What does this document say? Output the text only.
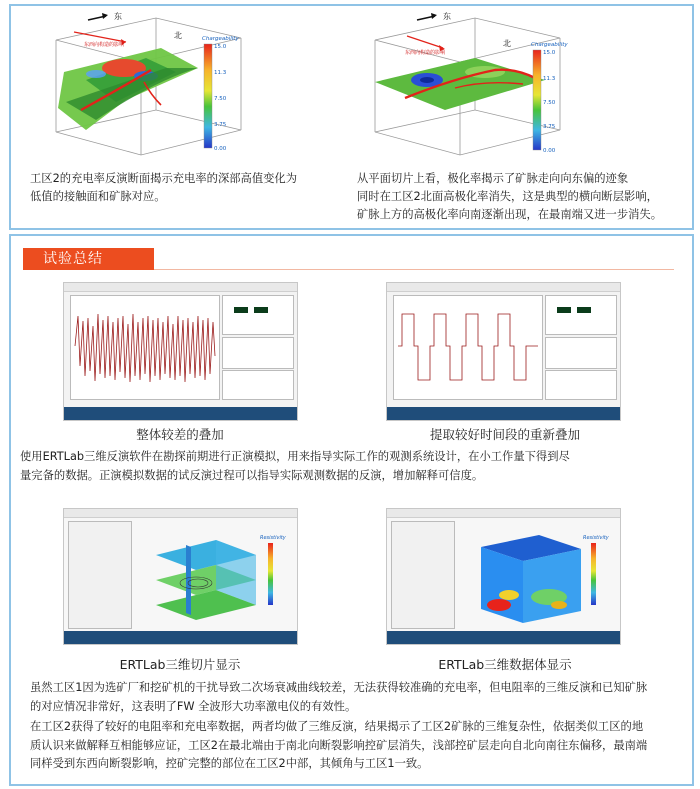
东
北
东西向构造的影响
Chargeability
15.0
11.3
7.50
3.75
0.00
东
北
东西向构造的影响
Chargeability
15.0
11.3
7.50
3.75
0.00
工区2的充电率反演断面揭示充电率的深部高值变化为
低值的接触面和矿脉对应。
从平面切片上看，极化率揭示了矿脉走向向东偏的迹象
同时在工区2北面高极化率消失，这是典型的横向断层影响，
矿脉上方的高极化率向南逐渐出现，在最南端又进一步消失。
试验总结
整体较差的叠加	提取较好时间段的重新叠加
使用ERTLab三维反演软件在勘探前期进行正演模拟，用来指导实际工作的观测系统设计，在小工作量下得到尽
量完备的数据。正演模拟数据的试反演过程可以指导实际观测数据的反演，增加解释可信度。
Resistivity
ERTLab三维切片显示
Resistivity
ERTLab三维数据体显示
虽然工区1因为选矿厂和挖矿机的干扰导致二次场衰减曲线较差，无法获得较准确的充电率，但电阻率的三维反演和已知矿脉
的对应情况非常好，这表明了FW 全波形大功率激电仪的有效性。
在工区2获得了较好的电阻率和充电率数据，两者均做了三维反演，结果揭示了工区2矿脉的三维复杂性，依据类似工区的地
质认识来做解释互相能够应证，工区2在最北端由于南北向断裂影响控矿层消失，浅部控矿层走向自北向南往东偏移，最南端
同样受到东西向断裂影响，控矿完整的部位在工区2中部，其倾角与工区1一致。
